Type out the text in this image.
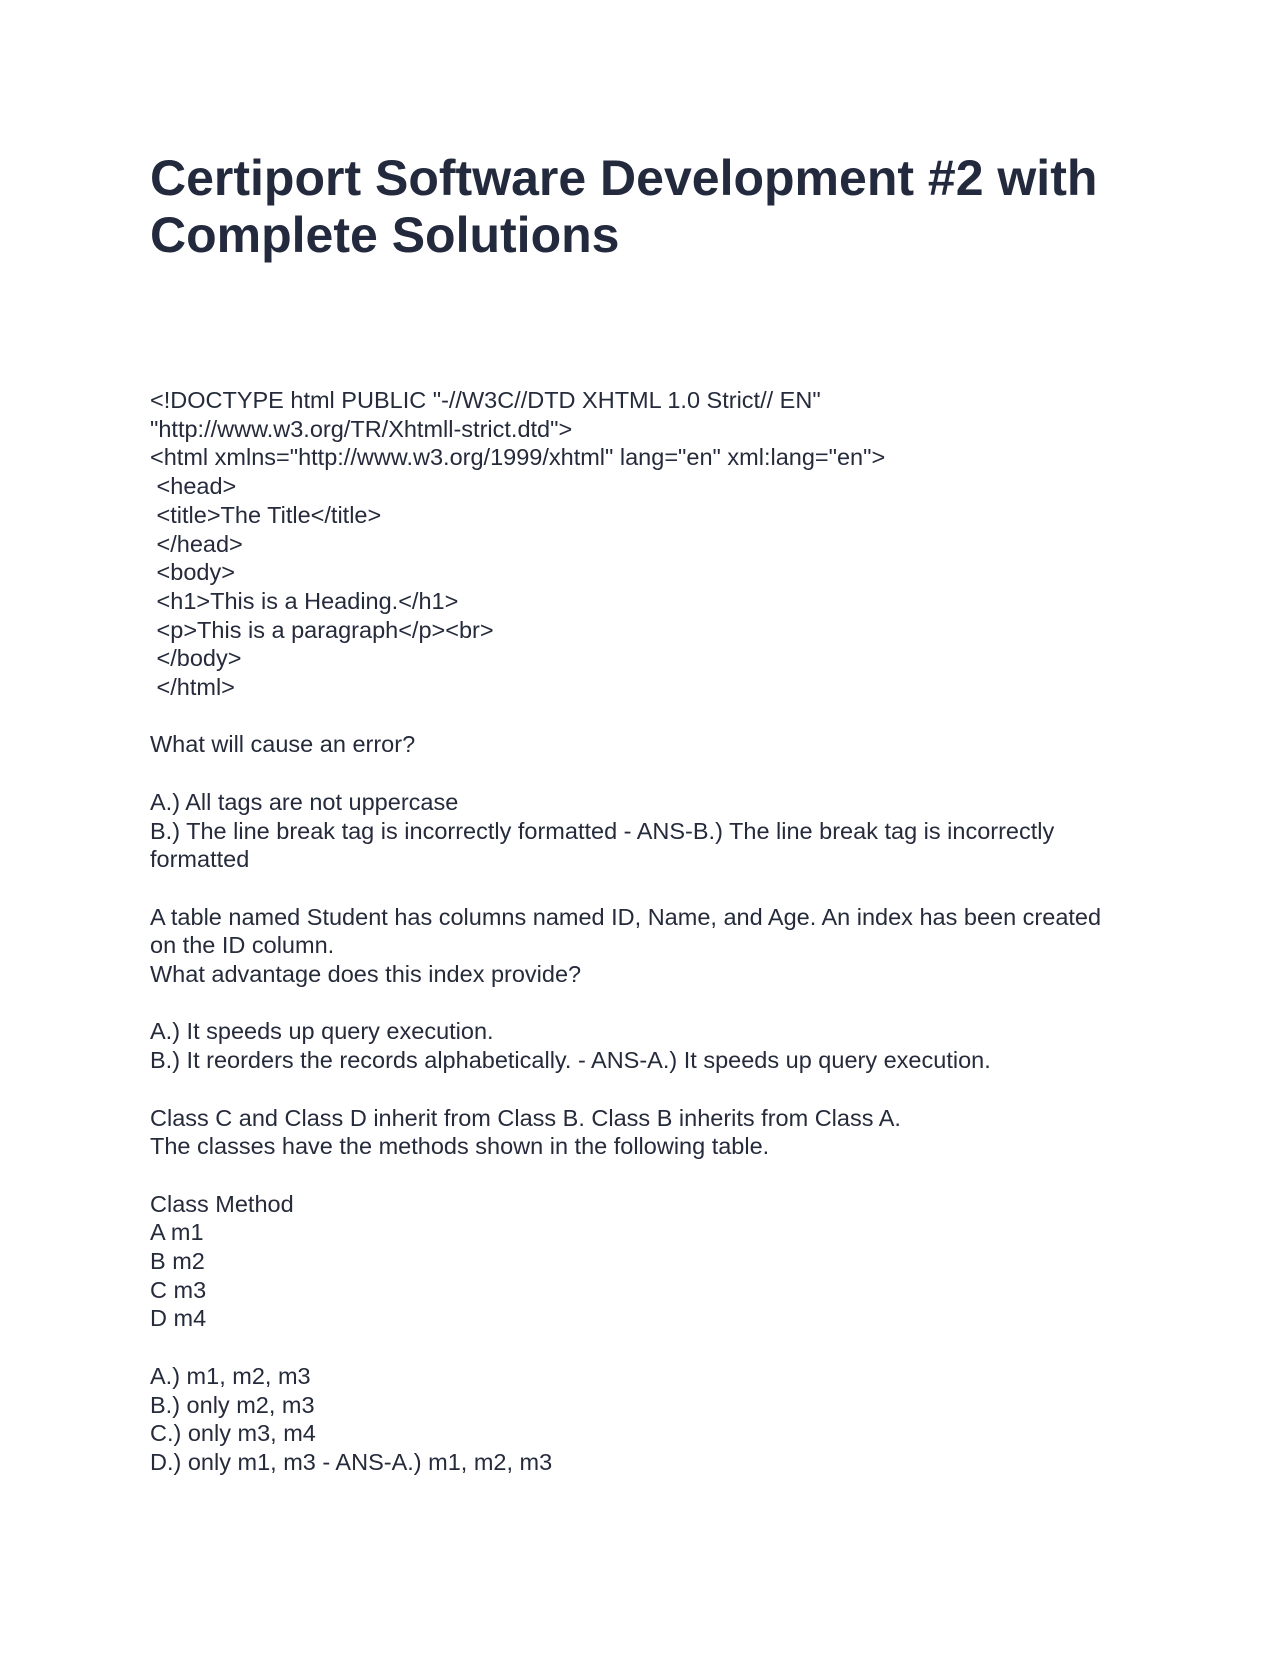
Certiport Software Development #2 with Complete Solutions
<!DOCTYPE html PUBLIC "-//W3C//DTD XHTML 1.0 Strict// EN"
"http://www.w3.org/TR/Xhtmll-strict.dtd">
<html xmlns="http://www.w3.org/1999/xhtml" lang="en" xml:lang="en">
<head>
<title>The Title</title>
</head>
<body>
<h1>This is a Heading.</h1>
<p>This is a paragraph</p><br>
</body>
</html>
What will cause an error?
A.) All tags are not uppercase
B.) The line break tag is incorrectly formatted - ANS-B.) The line break tag is incorrectly formatted
A table named Student has columns named ID, Name, and Age. An index has been created on the ID column.
What advantage does this index provide?
A.) It speeds up query execution.
B.) It reorders the records alphabetically. - ANS-A.) It speeds up query execution.
Class C and Class D inherit from Class B. Class B inherits from Class A.
The classes have the methods shown in the following table.
Class Method
A m1
B m2
C m3
D m4
A.) m1, m2, m3
B.) only m2, m3
C.) only m3, m4
D.) only m1, m3 - ANS-A.) m1, m2, m3
